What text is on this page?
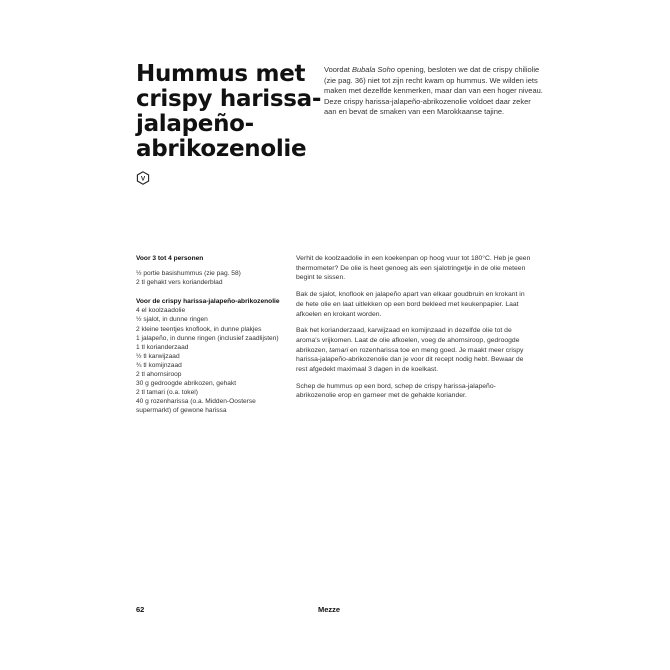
Hummus met
crispy harissa-
jalapeño-
abrikozenolie

Voordat Bubala Soho opening, besloten we dat de crispy chiliolie (zie pag. 36) niet tot zijn recht kwam op hummus. We wilden iets maken met dezelfde kenmerken, maar dan van een hoger niveau. Deze crispy harissa-jalapeño-abrikozenolie voldoet daar zeker aan en bevat de smaken van een Marokkaanse tajine.

V

Voor 3 tot 4 personen

½ portie basishummus (zie pag. 58)
2 tl gehakt vers korianderblad

Voor de crispy harissa-jalapeño-abrikozenolie

4 el koolzaadolie
½ sjalot, in dunne ringen
2 kleine teentjes knoflook, in dunne plakjes
1 jalapeño, in dunne ringen (inclusief zaadlijsten)
1 tl korianderzaad
½ tl karwijzaad
¾ tl komijnzaad
2 tl ahornsiroop
30 g gedroogde abrikozen, gehakt
2 tl tamari (o.a. tokel)
40 g rozenharissa (o.a. Midden-Oosterse supermarkt) of gewone harissa

Verhit de koolzaadolie in een koekenpan op hoog vuur tot 180°C. Heb je geen thermometer? De olie is heet genoeg als een sjalotringetje in de olie meteen begint te sissen.

Bak de sjalot, knoflook en jalapeño apart van elkaar goudbruin en krokant in de hete olie en laat uitlekken op een bord bekleed met keukenpapier. Laat afkoelen en krokant worden.

Bak het korianderzaad, karwijzaad en komijnzaad in dezelfde olie tot de aroma's vrijkomen. Laat de olie afkoelen, voeg de ahornsiroop, gedroogde abrikozen, tamari en rozenharissa toe en meng goed. Je maakt meer crispy harissa-jalapeño-abrikozenolie dan je voor dit recept nodig hebt. Bewaar de rest afgedekt maximaal 3 dagen in de koelkast.

Schep de hummus op een bord, schep de crispy harissa-jalapeño-abrikozenolie erop en garneer met de gehakte koriander.

62	Mezze
